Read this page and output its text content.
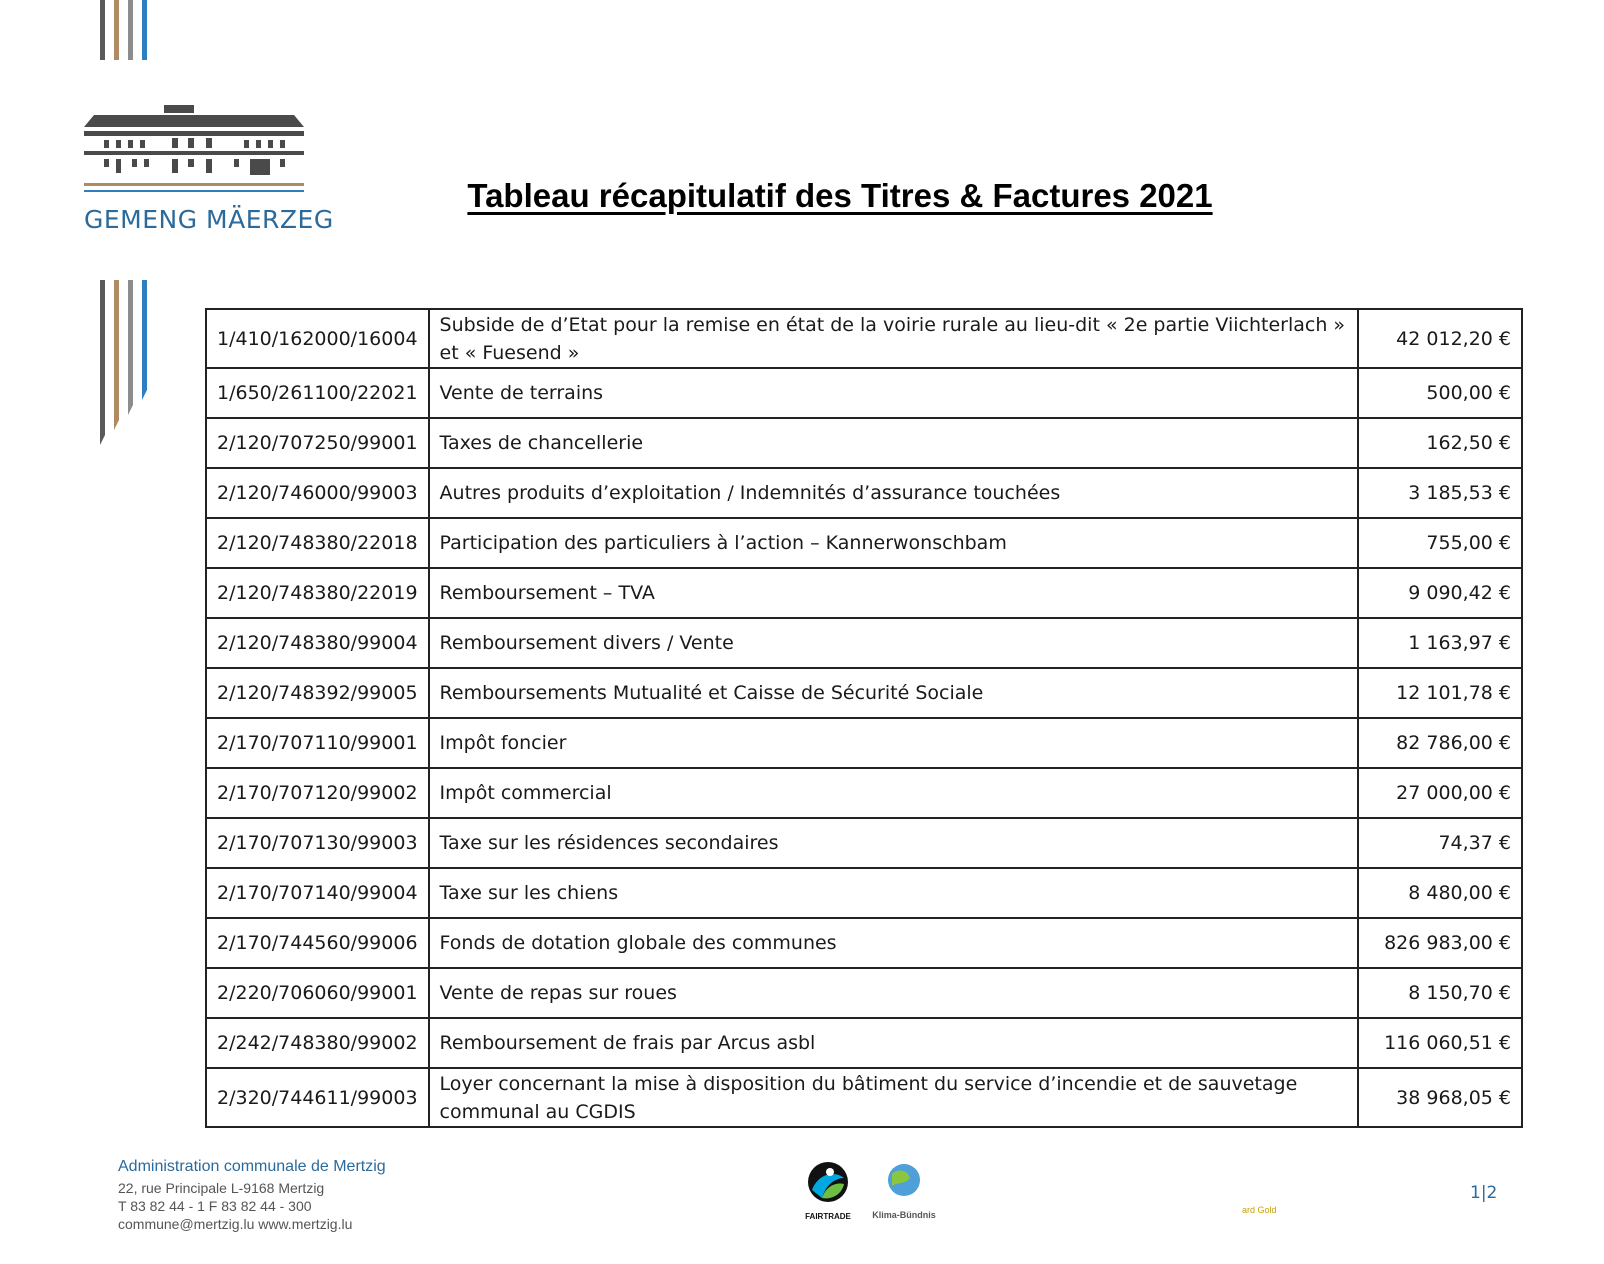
GEMENG MÄERZEG
Tableau récapitulatif des Titres & Factures 2021
1/410/162000/16004	Subside de d’Etat pour la remise en état de la voirie rurale au lieu-dit « 2e partie Viichterlach » et « Fuesend »	42 012,20 €
1/650/261100/22021	Vente de terrains	500,00 €
2/120/707250/99001	Taxes de chancellerie	162,50 €
2/120/746000/99003	Autres produits d’exploitation / Indemnités d’assurance touchées	3 185,53 €
2/120/748380/22018	Participation des particuliers à l’action – Kannerwonschbam	755,00 €
2/120/748380/22019	Remboursement – TVA	9 090,42 €
2/120/748380/99004	Remboursement divers / Vente	1 163,97 €
2/120/748392/99005	Remboursements Mutualité et Caisse de Sécurité Sociale	12 101,78 €
2/170/707110/99001	Impôt foncier	82 786,00 €
2/170/707120/99002	Impôt commercial	27 000,00 €
2/170/707130/99003	Taxe sur les résidences secondaires	74,37 €
2/170/707140/99004	Taxe sur les chiens	8 480,00 €
2/170/744560/99006	Fonds de dotation globale des communes	826 983,00 €
2/220/706060/99001	Vente de repas sur roues	8 150,70 €
2/242/748380/99002	Remboursement de frais par Arcus asbl	116 060,51 €
2/320/744611/99003	Loyer concernant la mise à disposition du bâtiment du service d’incendie et de sauvetage communal au CGDIS	38 968,05 €
Administration communale de Mertzig
22, rue Principale L-9168 Mertzig
T 83 82 44 - 1 F 83 82 44 - 300
commune@mertzig.lu www.mertzig.lu	FAIRTRADE Klima-Bündnis	ard Gold
1|2
